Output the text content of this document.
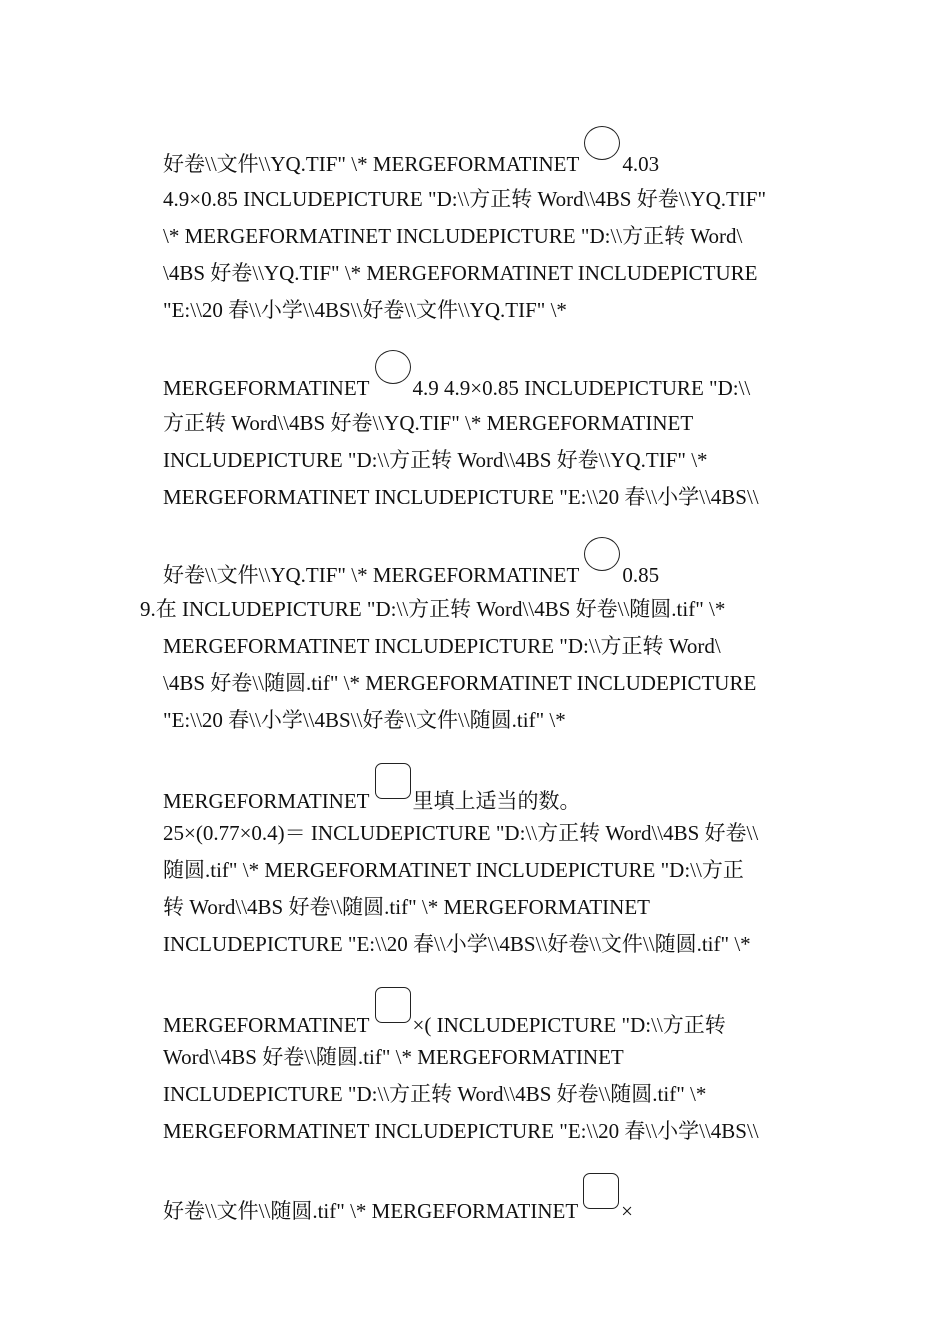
好卷\\文件\\YQ.TIF" \* MERGEFORMATINET 4.03
4.9×0.85 INCLUDEPICTURE "D:\\方正转 Word\\4BS 好卷\\YQ.TIF"
\* MERGEFORMATINET INCLUDEPICTURE "D:\\方正转 Word\
\4BS 好卷\\YQ.TIF" \* MERGEFORMATINET INCLUDEPICTURE
"E:\\20 春\\小学\\4BS\\好卷\\文件\\YQ.TIF" \*
MERGEFORMATINET 4.9 4.9×0.85 INCLUDEPICTURE "D:\\
方正转 Word\\4BS 好卷\\YQ.TIF" \* MERGEFORMATINET
INCLUDEPICTURE "D:\\方正转 Word\\4BS 好卷\\YQ.TIF" \*
MERGEFORMATINET INCLUDEPICTURE "E:\\20 春\\小学\\4BS\\
好卷\\文件\\YQ.TIF" \* MERGEFORMATINET 0.85
9.在 INCLUDEPICTURE "D:\\方正转 Word\\4BS 好卷\\随圆.tif" \*
MERGEFORMATINET INCLUDEPICTURE "D:\\方正转 Word\
\4BS 好卷\\随圆.tif" \* MERGEFORMATINET INCLUDEPICTURE
"E:\\20 春\\小学\\4BS\\好卷\\文件\\随圆.tif" \*
MERGEFORMATINET 里填上适当的数。
25×(0.77×0.4)＝ INCLUDEPICTURE "D:\\方正转 Word\\4BS 好卷\\
随圆.tif" \* MERGEFORMATINET INCLUDEPICTURE "D:\\方正
转 Word\\4BS 好卷\\随圆.tif" \* MERGEFORMATINET
INCLUDEPICTURE "E:\\20 春\\小学\\4BS\\好卷\\文件\\随圆.tif" \*
MERGEFORMATINET ×( INCLUDEPICTURE "D:\\方正转
Word\\4BS 好卷\\随圆.tif" \* MERGEFORMATINET
INCLUDEPICTURE "D:\\方正转 Word\\4BS 好卷\\随圆.tif" \*
MERGEFORMATINET INCLUDEPICTURE "E:\\20 春\\小学\\4BS\\
好卷\\文件\\随圆.tif" \* MERGEFORMATINET ×
